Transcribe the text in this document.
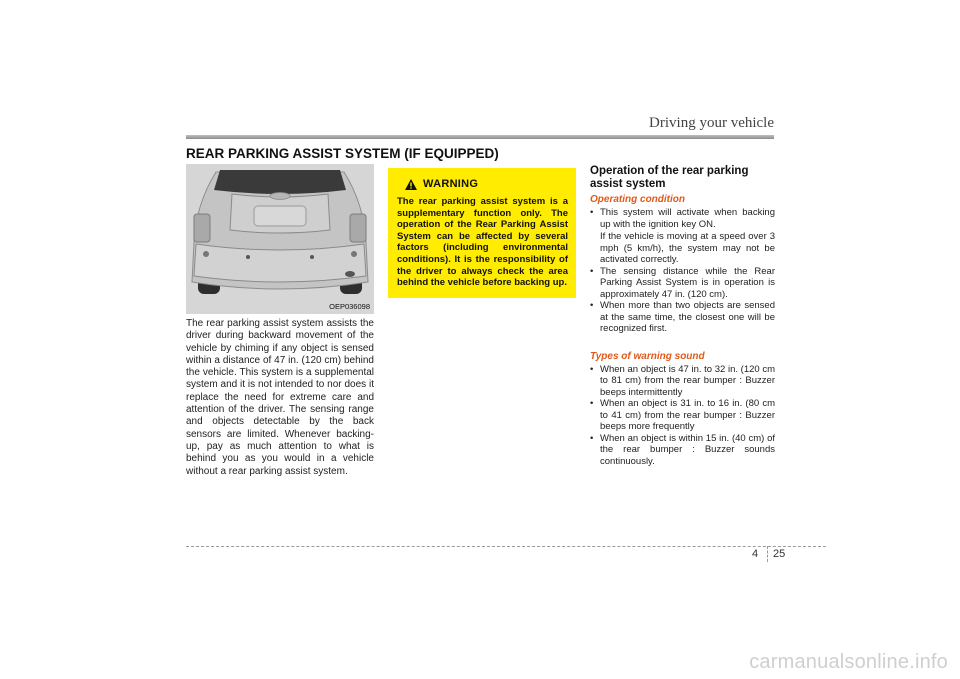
Driving your vehicle
REAR PARKING ASSIST SYSTEM (IF EQUIPPED)
OEP036098
The rear parking assist system assists the driver during backward movement of the vehicle by chiming if any object is sensed within a distance of 47 in. (120 cm) behind the vehicle. This system is a supplemental system and it is not intended to nor does it replace the need for extreme care and attention of the driver. The sensing range and objects detectable by the back sensors are limited. Whenever backing-up, pay as much attention to what is behind you as you would in a vehicle without a rear parking assist system.
WARNING
The rear parking assist system is a supplementary function only. The operation of the Rear Parking Assist System can be affected by several factors (including environmental conditions). It is the responsibility of the driver to always check the area behind the vehicle before backing up.
Operation of the rear parking assist system
Operating condition
• This system will activate when backing up with the ignition key ON.
If the vehicle is moving at a speed over 3 mph (5 km/h), the system may not be activated correctly.
• The sensing distance while the Rear Parking Assist System is in operation is approximately 47 in. (120 cm).
• When more than two objects are sensed at the same time, the closest one will be recognized first.
Types of warning sound
• When an object is 47 in. to 32 in. (120 cm to 81 cm) from the rear bumper : Buzzer beeps intermittently
• When an object is 31 in. to 16 in. (80 cm to 41 cm) from the rear bumper : Buzzer beeps more frequently
• When an object is within 15 in. (40 cm) of the rear bumper : Buzzer sounds continuously.
4 25
carmanualsonline.info
